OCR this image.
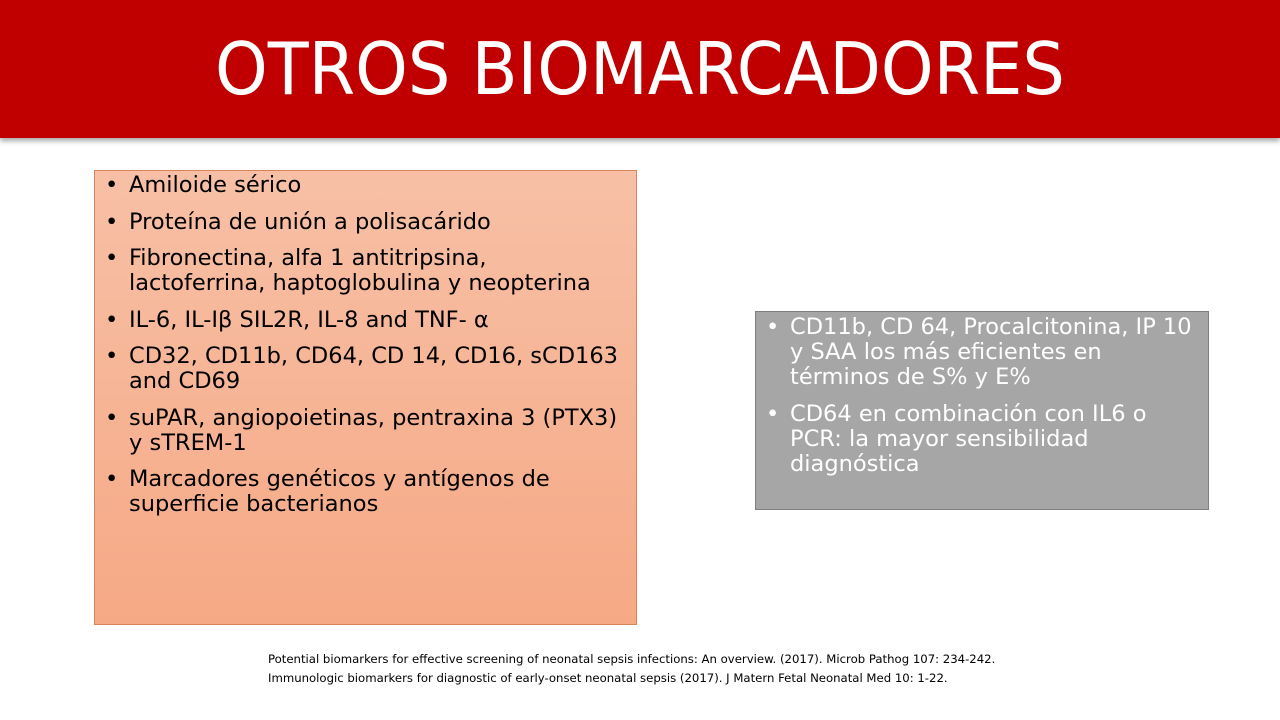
OTROS BIOMARCADORES
• Amiloide sérico
• Proteína de unión a polisacárido
• Fibronectina, alfa 1 antitripsina, lactoferrina, haptoglobulina y neopterina
• IL-6, IL-Iβ SIL2R, IL-8 and TNF- α
• CD32, CD11b, CD64, CD 14, CD16, sCD163 and CD69
• suPAR, angiopoietinas, pentraxina 3 (PTX3) y sTREM-1
• Marcadores genéticos y antígenos de superficie bacterianos
• CD11b, CD 64, Procalcitonina, IP 10 y SAA los más eficientes en términos de S% y E%
• CD64 en combinación con IL6 o PCR: la mayor sensibilidad diagnóstica
Potential biomarkers for effective screening of neonatal sepsis infections: An overview. (2017). Microb Pathog 107: 234-242.
Immunologic biomarkers for diagnostic of early-onset neonatal sepsis (2017). J Matern Fetal Neonatal Med 10: 1-22.
